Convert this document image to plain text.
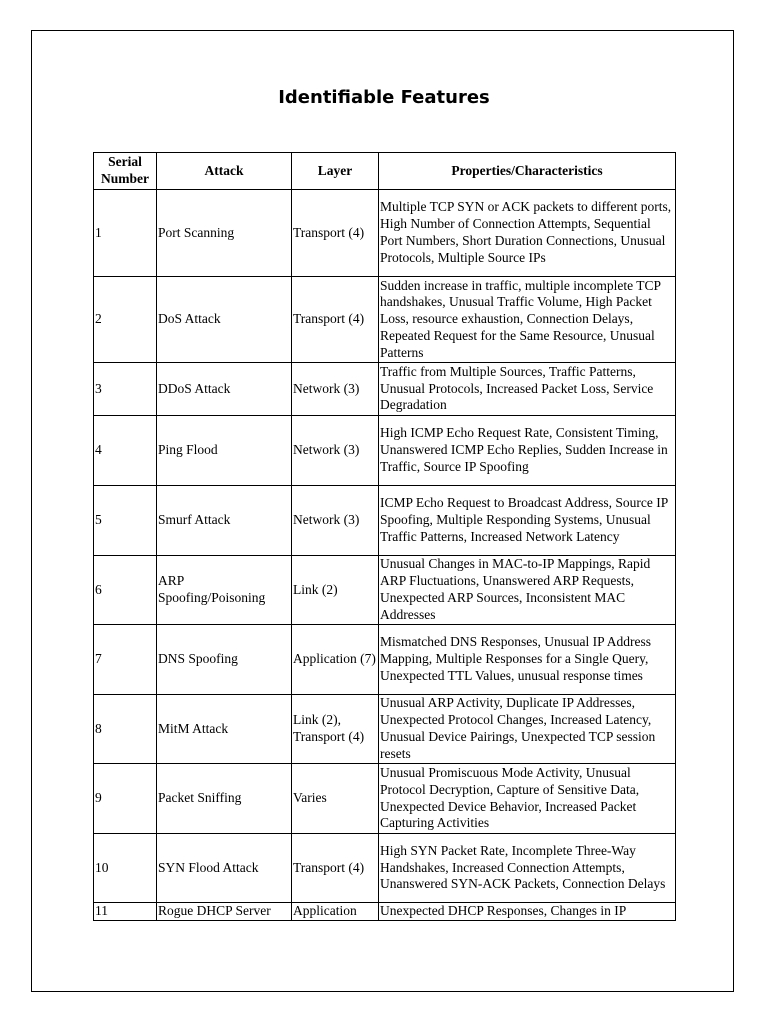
Identifiable Features
Serial Number	Attack	Layer	Properties/Characteristics
1	Port Scanning	Transport (4)	Multiple TCP SYN or ACK packets to different ports, High Number of Connection Attempts, Sequential Port Numbers, Short Duration Connections, Unusual Protocols, Multiple Source IPs
2	DoS Attack	Transport (4)	Sudden increase in traffic, multiple incomplete TCP handshakes, Unusual Traffic Volume, High Packet Loss, resource exhaustion, Connection Delays, Repeated Request for the Same Resource, Unusual Patterns
3	DDoS Attack	Network (3)	Traffic from Multiple Sources, Traffic Patterns, Unusual Protocols, Increased Packet Loss, Service Degradation
4	Ping Flood	Network (3)	High ICMP Echo Request Rate, Consistent Timing, Unanswered ICMP Echo Replies, Sudden Increase in Traffic, Source IP Spoofing
5	Smurf Attack	Network (3)	ICMP Echo Request to Broadcast Address, Source IP Spoofing, Multiple Responding Systems, Unusual Traffic Patterns, Increased Network Latency
6	ARP Spoofing/Poisoning	Link (2)	Unusual Changes in MAC-to-IP Mappings, Rapid ARP Fluctuations, Unanswered ARP Requests, Unexpected ARP Sources, Inconsistent MAC Addresses
7	DNS Spoofing	Application (7)	Mismatched DNS Responses, Unusual IP Address Mapping, Multiple Responses for a Single Query, Unexpected TTL Values, unusual response times
8	MitM Attack	Link (2), Transport (4)	Unusual ARP Activity, Duplicate IP Addresses, Unexpected Protocol Changes, Increased Latency, Unusual Device Pairings, Unexpected TCP session resets
9	Packet Sniffing	Varies	Unusual Promiscuous Mode Activity, Unusual Protocol Decryption, Capture of Sensitive Data, Unexpected Device Behavior, Increased Packet Capturing Activities
10	SYN Flood Attack	Transport (4)	High SYN Packet Rate, Incomplete Three-Way Handshakes, Increased Connection Attempts, Unanswered SYN-ACK Packets, Connection Delays
11	Rogue DHCP Server	Application	Unexpected DHCP Responses, Changes in IP
